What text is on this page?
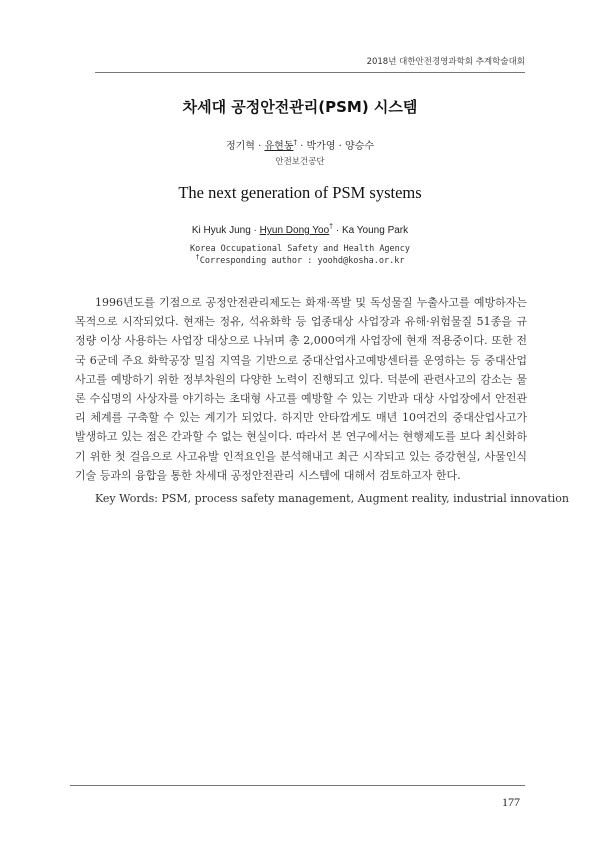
2018년 대한안전경영과학회 추계학술대회
차세대 공정안전관리(PSM) 시스템
정기혁 · 유현동† · 박가영 · 양승수
안전보건공단
The next generation of PSM systems
Ki Hyuk Jung · Hyun Dong Yoo† · Ka Young Park
Korea Occupational Safety and Health Agency
†Corresponding author : yoohd@kosha.or.kr

1996년도를 기점으로 공정안전관리제도는 화재·폭발 및 독성물질 누출사고를 예방하자는 목적으로 시작되었다. 현재는 정유, 석유화학 등 업종대상 사업장과 유해·위험물질 51종을 규정량 이상 사용하는 사업장 대상으로 나뉘며 총 2,000여개 사업장에 현재 적용중이다. 또한 전국 6군데 주요 화학공장 밀집 지역을 기반으로 중대산업사고예방센터를 운영하는 등 중대산업사고를 예방하기 위한 정부차원의 다양한 노력이 진행되고 있다. 덕분에 관련사고의 감소는 물론 수십명의 사상자를 야기하는 초대형 사고를 예방할 수 있는 기반과 대상 사업장에서 안전관리 체계를 구축할 수 있는 계기가 되었다. 하지만 안타깝게도 매년 10여건의 중대산업사고가 발생하고 있는 점은 간과할 수 없는 현실이다. 따라서 본 연구에서는 현행제도를 보다 최신화하기 위한 첫 걸음으로 사고유발 인적요인을 분석해내고 최근 시작되고 있는 증강현실, 사물인식 기술 등과의 융합을 통한 차세대 공정안전관리 시스템에 대해서 검토하고자 한다.

Key Words: PSM, process safety management, Augment reality, industrial innovation
177
